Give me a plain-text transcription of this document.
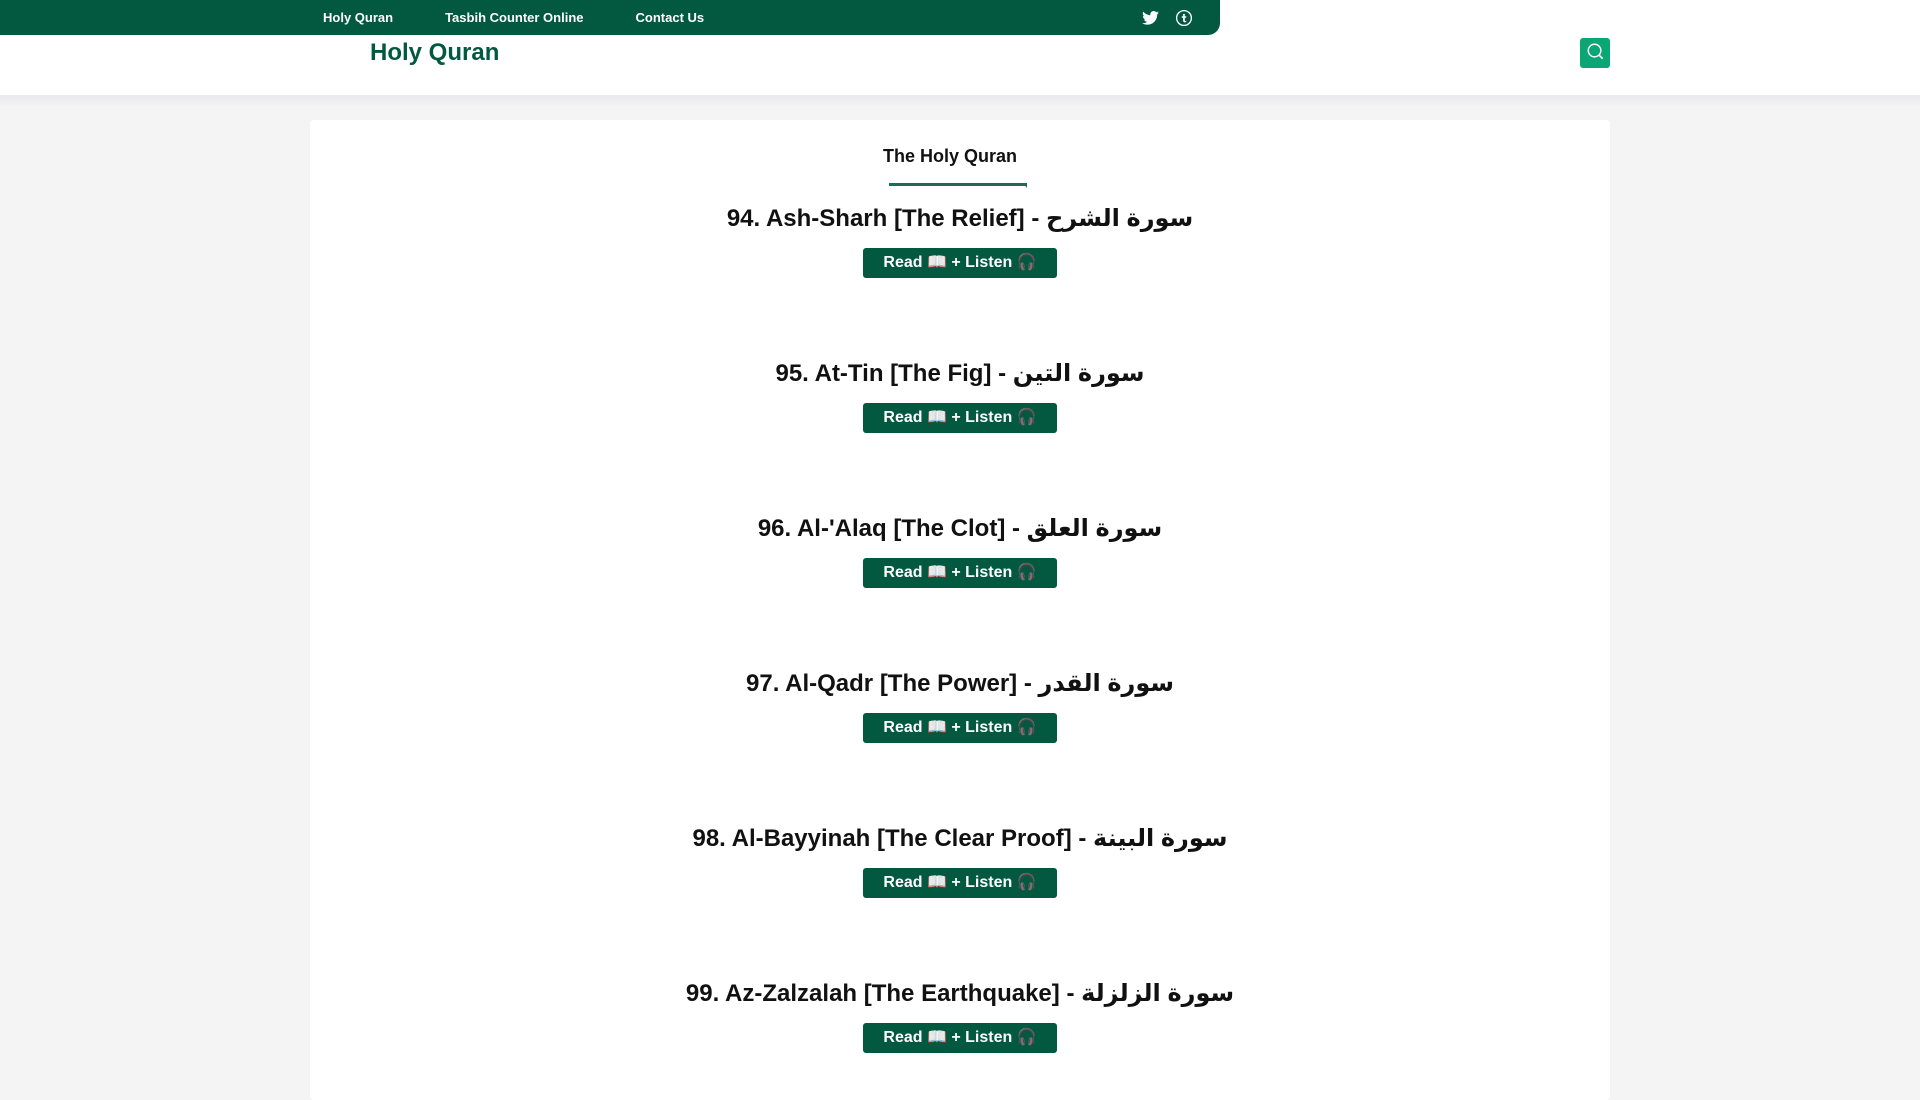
Holy Quran	Tasbih Counter Online	Contact Us
Holy Quran
The Holy Quran
94. Ash-Sharh [The Relief] - سورة الشرح
Read 📖 + Listen 🎧
95. At-Tin [The Fig] - سورة التين
Read 📖 + Listen 🎧
96. Al-'Alaq [The Clot] - سورة العلق
Read 📖 + Listen 🎧
97. Al-Qadr [The Power] - سورة القدر
Read 📖 + Listen 🎧
98. Al-Bayyinah [The Clear Proof] - سورة البينة
Read 📖 + Listen 🎧
99. Az-Zalzalah [The Earthquake] - سورة الزلزلة
Read 📖 + Listen 🎧
